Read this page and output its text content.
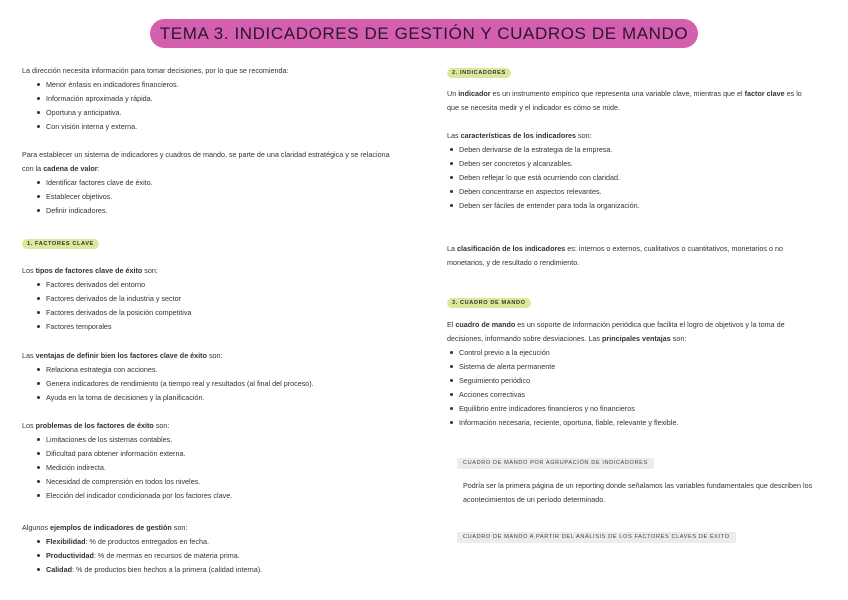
TEMA 3. INDICADORES DE GESTIÓN Y CUADROS DE MANDO

La dirección necesita información para tomar decisiones, por lo que se recomienda:

Menor énfasis en indicadores financieros.
Información aproximada y rápida.
Oportuna y anticipativa.
Con visión interna y externa.

Para establecer un sistema de indicadores y cuadros de mando, se parte de una claridad estratégica y se relaciona

con la cadena de valor:

Identificar factores clave de éxito.
Establecer objetivos.
Definir indicadores.
1. FACTORES CLAVE

Los tipos de factores clave de éxito son:

Factores derivados del entorno
Factores derivados de la industria y sector
Factores derivados de la posición competitiva
Factores temporales

Las ventajas de definir bien los factores clave de éxito son:

Relaciona estrategia con acciones.
Genera indicadores de rendimiento (a tiempo real y resultados (al final del proceso).
Ayuda en la toma de decisiones y la planificación.

Los problemas de los factores de éxito son:

Limitaciones de los sistemas contables.
Dificultad para obtener información externa.
Medición indirecta.
Necesidad de comprensión en todos los niveles.
Elección del indicador condicionada por los factores clave.

Algunos ejemplos de indicadores de gestión son:

Flexibilidad: % de productos entregados en fecha.
Productividad: % de mermas en recursos de materia prima.
Calidad: % de productos bien hechos a la primera (calidad interna).
2. INDICADORES

Un indicador es un instrumento empírico que representa una variable clave, mientras que el factor clave es lo

que se necesita medir y el indicador es cómo se mide.

Las características de los indicadores son:

Deben derivarse de la estrategia de la empresa.
Deben ser concretos y alcanzables.
Deben reflejar lo que está ocurriendo con claridad.
Deben concentrarse en aspectos relevantes.
Deben ser fáciles de entender para toda la organización.

La clasificación de los indicadores es: internos o externos, cualitativos o cuantitativos, monetarios o no

monetarios, y de resultado o rendimiento.

3. CUADRO DE MANDO

El cuadro de mando es un soporte de información periódica que facilita el logro de objetivos y la toma de

decisiones, informando sobre desviaciones. Las principales ventajas son:

Control previo a la ejecución
Sistema de alerta permanente
Seguimiento periódico
Acciones correctivas
Equilibrio entre indicadores financieros y no financieros
Información necesaria, reciente, oportuna, fiable, relevante y flexible.
CUADRO DE MANDO POR AGRUPACIÓN DE INDICADORES

Podría ser la primera página de un reporting donde señalamos las variables fundamentales que describen los

acontecimientos de un período determinado.

CUADRO DE MANDO A PARTIR DEL ANÁLISIS DE LOS FACTORES CLAVES DE ÉXITO
